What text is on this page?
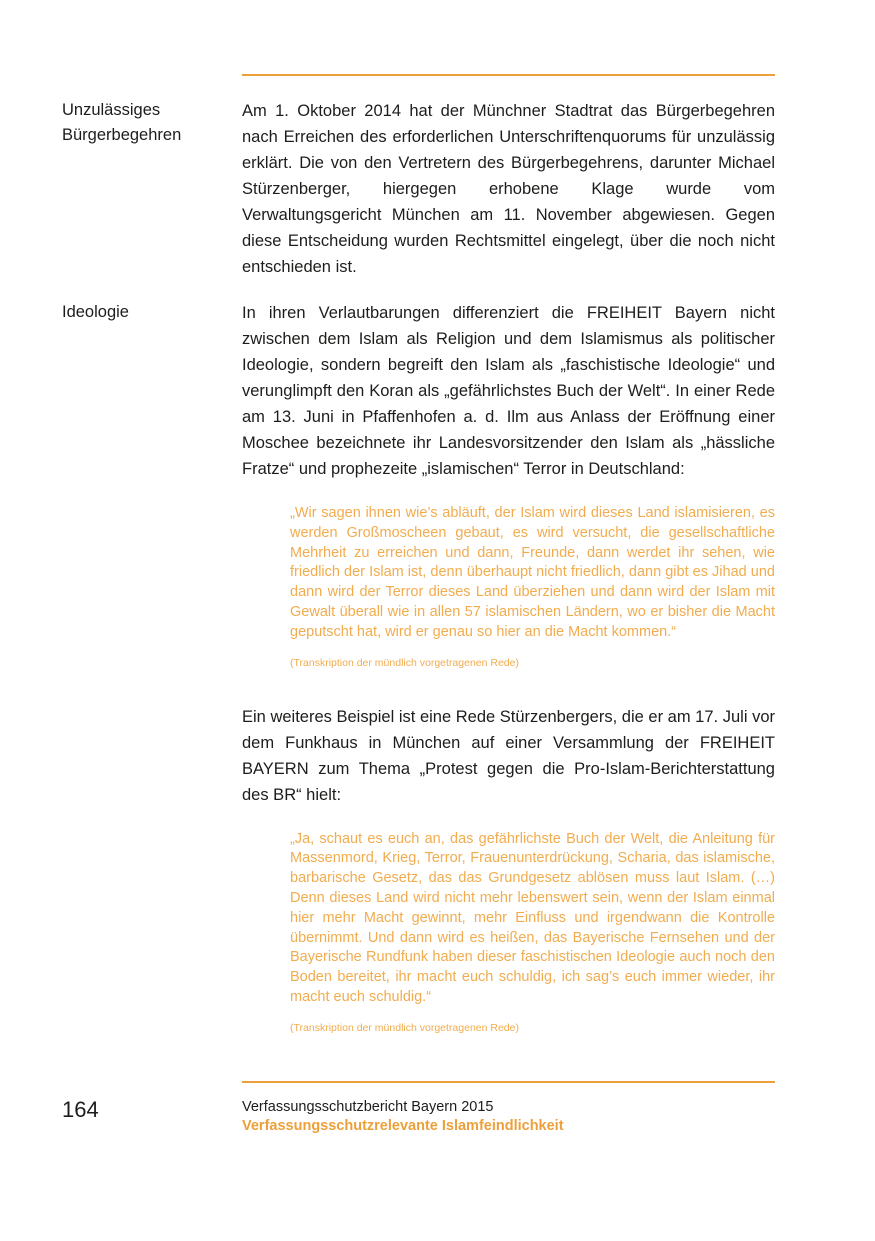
Unzulässiges Bürgerbegehren
Am 1. Oktober 2014 hat der Münchner Stadtrat das Bürgerbegehren nach Erreichen des erforderlichen Unterschriftenquorums für unzulässig erklärt. Die von den Vertretern des Bürgerbegehrens, darunter Michael Stürzenberger, hiergegen erhobene Klage wurde vom Verwaltungsgericht München am 11. November abgewiesen. Gegen diese Entscheidung wurden Rechtsmittel eingelegt, über die noch nicht entschieden ist.
Ideologie	In ihren Verlautbarungen differenziert die FREIHEIT Bayern nicht zwischen dem Islam als Religion und dem Islamismus als politischer Ideologie, sondern begreift den Islam als „faschistische Ideologie“ und verunglimpft den Koran als „gefährlichstes Buch der Welt“. In einer Rede am 13. Juni in Pfaffenhofen a. d. Ilm aus Anlass der Eröffnung einer Moschee bezeichnete ihr Landesvorsitzender den Islam als „hässliche Fratze“ und prophezeite „islamischen“ Terror in Deutschland:
„Wir sagen ihnen wie’s abläuft, der Islam wird dieses Land islamisieren, es werden Großmoscheen gebaut, es wird versucht, die gesellschaftliche Mehrheit zu erreichen und dann, Freunde, dann werdet ihr sehen, wie friedlich der Islam ist, denn überhaupt nicht friedlich, dann gibt es Jihad und dann wird der Terror dieses Land überziehen und dann wird der Islam mit Gewalt überall wie in allen 57 islamischen Ländern, wo er bisher die Macht geputscht hat, wird er genau so hier an die Macht kommen.“
(Transkription der mündlich vorgetragenen Rede)
Ein weiteres Beispiel ist eine Rede Stürzenbergers, die er am 17. Juli vor dem Funkhaus in München auf einer Versammlung der FREIHEIT BAYERN zum Thema „Protest gegen die Pro-Islam-Berichterstattung des BR“ hielt:
„Ja, schaut es euch an, das gefährlichste Buch der Welt, die Anleitung für Massenmord, Krieg, Terror, Frauenunterdrückung, Scharia, das islamische, barbarische Gesetz, das das Grundgesetz ablösen muss laut Islam. (…) Denn dieses Land wird nicht mehr lebenswert sein, wenn der Islam einmal hier mehr Macht gewinnt, mehr Einfluss und irgendwann die Kontrolle übernimmt. Und dann wird es heißen, das Bayerische Fernsehen und der Bayerische Rundfunk haben dieser faschistischen Ideologie auch noch den Boden bereitet, ihr macht euch schuldig, ich sag’s euch immer wieder, ihr macht euch schuldig.“
(Transkription der mündlich vorgetragenen Rede)
164	Verfassungsschutzbericht Bayern 2015
Verfassungsschutzrelevante Islamfeindlichkeit
